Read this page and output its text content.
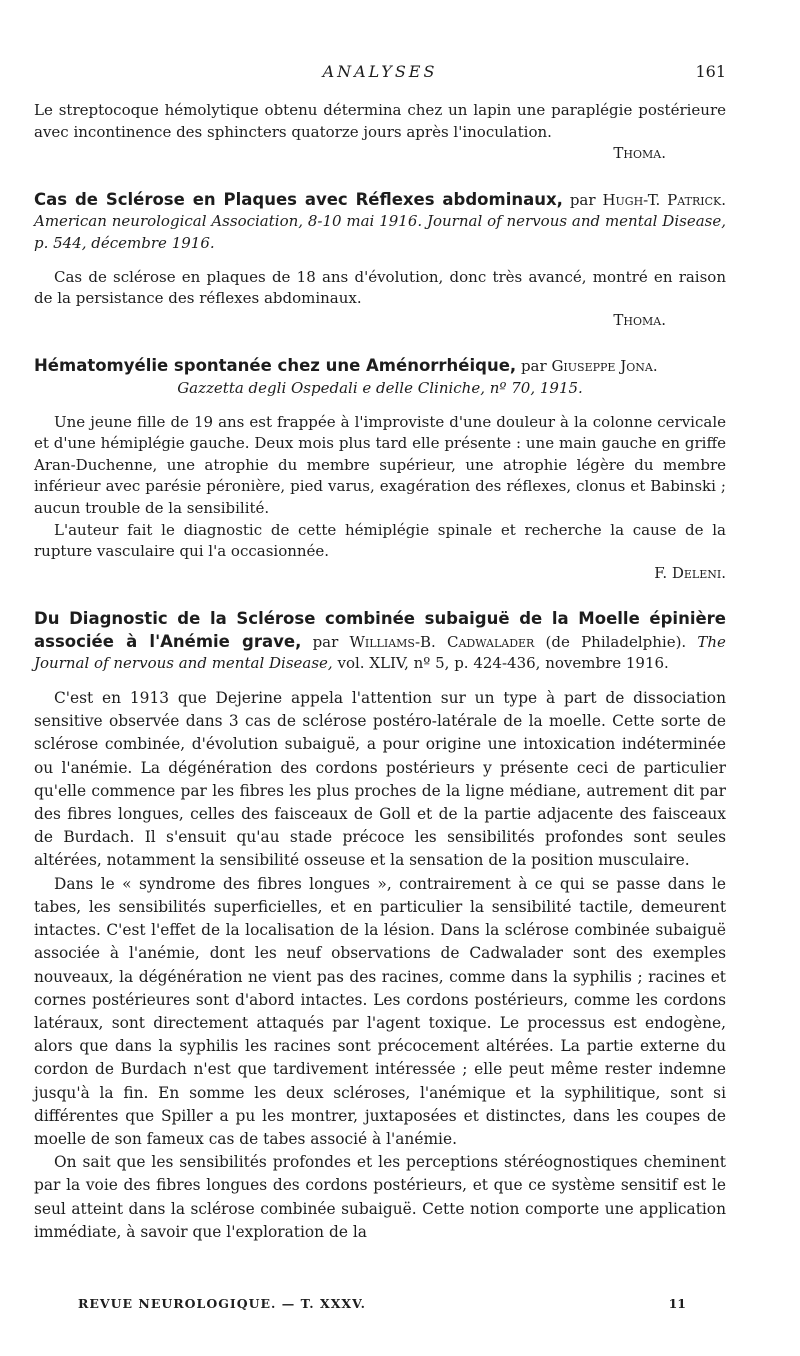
ANALYSES	161

Le streptocoque hémolytique obtenu détermina chez un lapin une paraplégie postérieure avec incontinence des sphincters quatorze jours après l'inoculation.

Thoma.
Cas de Sclérose en Plaques avec Réflexes abdominaux, par Hugh-T. Patrick. American neurological Association, 8-10 mai 1916. Journal of nervous and mental Disease, p. 544, décembre 1916.

Cas de sclérose en plaques de 18 ans d'évolution, donc très avancé, montré en raison de la persistance des réflexes abdominaux.

Thoma.
Hématomyélie spontanée chez une Aménorrhéique, par Giuseppe Jona.
Gazzetta degli Ospedali e delle Cliniche, nº 70, 1915.

Une jeune fille de 19 ans est frappée à l'improviste d'une douleur à la colonne cervicale et d'une hémiplégie gauche. Deux mois plus tard elle présente : une main gauche en griffe Aran-Duchenne, une atrophie du membre supérieur, une atrophie légère du membre inférieur avec parésie péronière, pied varus, exagération des réflexes, clonus et Babinski ; aucun trouble de la sensibilité.

L'auteur fait le diagnostic de cette hémiplégie spinale et recherche la cause de la rupture vasculaire qui l'a occasionnée.

F. Deleni.
Du Diagnostic de la Sclérose combinée subaiguë de la Moelle épinière associée à l'Anémie grave, par Williams-B. Cadwalader (de Philadelphie). The Journal of nervous and mental Disease, vol. XLIV, nº 5, p. 424-436, novembre 1916.

C'est en 1913 que Dejerine appela l'attention sur un type à part de dissociation sensitive observée dans 3 cas de sclérose postéro-latérale de la moelle. Cette sorte de sclérose combinée, d'évolution subaiguë, a pour origine une intoxication indéterminée ou l'anémie. La dégénération des cordons postérieurs y présente ceci de particulier qu'elle commence par les fibres les plus proches de la ligne médiane, autrement dit par des fibres longues, celles des faisceaux de Goll et de la partie adjacente des faisceaux de Burdach. Il s'ensuit qu'au stade précoce les sensibilités profondes sont seules altérées, notamment la sensibilité osseuse et la sensation de la position musculaire.

Dans le « syndrome des fibres longues », contrairement à ce qui se passe dans le tabes, les sensibilités superficielles, et en particulier la sensibilité tactile, demeurent intactes. C'est l'effet de la localisation de la lésion. Dans la sclérose combinée subaiguë associée à l'anémie, dont les neuf observations de Cadwalader sont des exemples nouveaux, la dégénération ne vient pas des racines, comme dans la syphilis ; racines et cornes postérieures sont d'abord intactes. Les cordons postérieurs, comme les cordons latéraux, sont directement attaqués par l'agent toxique. Le processus est endogène, alors que dans la syphilis les racines sont précocement altérées. La partie externe du cordon de Burdach n'est que tardivement intéressée ; elle peut même rester indemne jusqu'à la fin. En somme les deux scléroses, l'anémique et la syphilitique, sont si différentes que Spiller a pu les montrer, juxtaposées et distinctes, dans les coupes de moelle de son fameux cas de tabes associé à l'anémie.

On sait que les sensibilités profondes et les perceptions stéréognostiques cheminent par la voie des fibres longues des cordons postérieurs, et que ce système sensitif est le seul atteint dans la sclérose combinée subaiguë. Cette notion comporte une application immédiate, à savoir que l'exploration de la

REVUE NEUROLOGIQUE. — T. XXXV.	11
